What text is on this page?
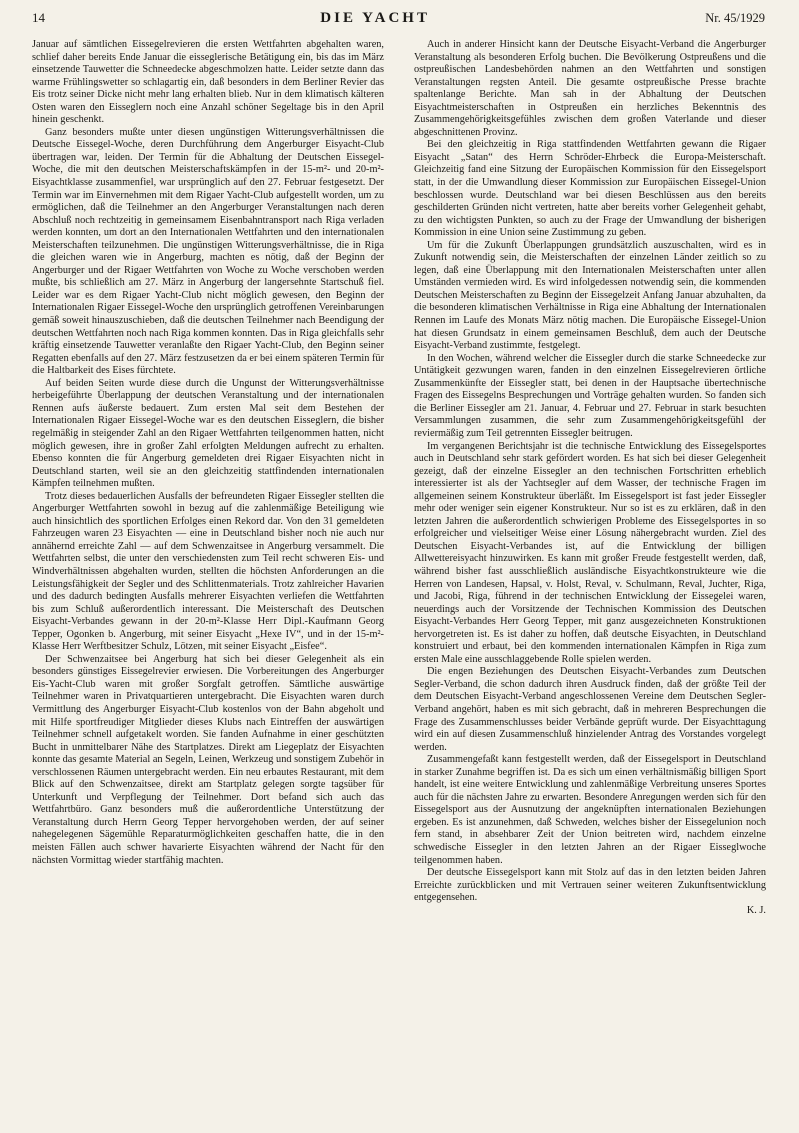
14	DIE YACHT	Nr. 45/1929

Januar auf sämtlichen Eissegelrevieren die ersten Wettfahrten abgehalten waren, schlief daher bereits Ende Januar die eisseglerische Betätigung ein, bis das im März einsetzende Tauwetter die Schneedecke abgeschmolzen hatte. Leider setzte dann das warme Frühlingswetter so schlagartig ein, daß besonders in dem Berliner Revier das Eis trotz seiner Dicke nicht mehr lang erhalten blieb. Nur in dem klimatisch kälteren Osten waren den Eisseglern noch eine Anzahl schöner Segeltage bis in den April hinein geschenkt.

Ganz besonders mußte unter diesen ungünstigen Witterungsverhältnissen die Deutsche Eissegel-Woche, deren Durchführung dem Angerburger Eisyacht-Club übertragen war, leiden. Der Termin für die Abhaltung der Deutschen Eissegel-Woche, die mit den deutschen Meisterschaftskämpfen in der 15-m²- und 20-m²-Eisyachtklasse zusammenfiel, war ursprünglich auf den 27. Februar festgesetzt. Der Termin war im Einvernehmen mit dem Rigaer Yacht-Club aufgestellt worden, um zu ermöglichen, daß die Teilnehmer an den Angerburger Veranstaltungen nach deren Abschluß noch rechtzeitig in gemeinsamem Eisenbahntransport nach Riga verladen werden konnten, um dort an den Internationalen Wettfahrten und den internationalen Meisterschaften teilzunehmen. Die ungünstigen Witterungsverhältnisse, die in Riga die gleichen waren wie in Angerburg, machten es nötig, daß der Beginn der Angerburger und der Rigaer Wettfahrten von Woche zu Woche verschoben werden mußte, bis schließlich am 27. März in Angerburg der langersehnte Startschuß fiel. Leider war es dem Rigaer Yacht-Club nicht möglich gewesen, den Beginn der Internationalen Rigaer Eissegel-Woche den ursprünglich getroffenen Vereinbarungen gemäß soweit hinauszuschieben, daß die deutschen Teilnehmer nach Beendigung der deutschen Wettfahrten noch nach Riga kommen konnten. Das in Riga gleichfalls sehr kräftig einsetzende Tauwetter veranlaßte den Rigaer Yacht-Club, den Beginn seiner Regatten ebenfalls auf den 27. März festzusetzen da er bei einem späteren Termin für die Haltbarkeit des Eises fürchtete.

Auf beiden Seiten wurde diese durch die Ungunst der Witterungsverhältnisse herbeigeführte Überlappung der deutschen Veranstaltung und der internationalen Rennen aufs äußerste bedauert. Zum ersten Mal seit dem Bestehen der Internationalen Rigaer Eissegel-Woche war es den deutschen Eisseglern, die bisher regelmäßig in steigender Zahl an den Rigaer Wettfahrten teilgenommen hatten, nicht möglich gewesen, ihre in großer Zahl erfolgten Meldungen aufrecht zu erhalten. Ebenso konnten die für Angerburg gemeldeten drei Rigaer Eisyachten nicht in Deutschland starten, weil sie an den gleichzeitig stattfindenden internationalen Kämpfen teilnehmen mußten.

Trotz dieses bedauerlichen Ausfalls der befreundeten Rigaer Eissegler stellten die Angerburger Wettfahrten sowohl in bezug auf die zahlenmäßige Beteiligung wie auch hinsichtlich des sportlichen Erfolges einen Rekord dar. Von den 31 gemeldeten Fahrzeugen waren 23 Eisyachten — eine in Deutschland bisher noch nie auch nur annähernd erreichte Zahl — auf dem Schwenzaitsee in Angerburg versammelt. Die Wettfahrten selbst, die unter den verschiedensten zum Teil recht schweren Eis- und Windverhältnissen abgehalten wurden, stellten die höchsten Anforderungen an die Leistungsfähigkeit der Segler und des Schlittenmaterials. Trotz zahlreicher Havarien und des dadurch bedingten Ausfalls mehrerer Eisyachten verliefen die Wettfahrten bis zum Schluß außerordentlich interessant. Die Meisterschaft des Deutschen Eisyacht-Verbandes gewann in der 20-m²-Klasse Herr Dipl.-Kaufmann Georg Tepper, Ogonken b. Angerburg, mit seiner Eisyacht „Hexe IV“, und in der 15-m²-Klasse Herr Werftbesitzer Schulz, Lötzen, mit seiner Eisyacht „Eisfee“.

Der Schwenzaitsee bei Angerburg hat sich bei dieser Gelegenheit als ein besonders günstiges Eissegelrevier erwiesen. Die Vorbereitungen des Angerburger Eis-Yacht-Club waren mit großer Sorgfalt getroffen. Sämtliche auswärtige Teilnehmer waren in Privatquartieren untergebracht. Die Eisyachten waren durch Vermittlung des Angerburger Eisyacht-Club kostenlos von der Bahn abgeholt und mit Hilfe sportfreudiger Mitglieder dieses Klubs nach Eintreffen der auswärtigen Teilnehmer schnell aufgetakelt worden. Sie fanden Aufnahme in einer geschützten Bucht in unmittelbarer Nähe des Startplatzes. Direkt am Liegeplatz der Eisyachten konnte das gesamte Material an Segeln, Leinen, Werkzeug und sonstigem Zubehör in verschlossenen Räumen untergebracht werden. Ein neu erbautes Restaurant, mit dem Blick auf den Schwenzaitsee, direkt am Startplatz gelegen sorgte tagsüber für Unterkunft und Verpflegung der Teilnehmer. Dort befand sich auch das Wettfahrtbüro. Ganz besonders muß die außerordentliche Unterstützung der Veranstaltung durch Herrn Georg Tepper hervorgehoben werden, der auf seiner nahegelegenen Sägemühle Reparaturmöglichkeiten geschaffen hatte, die in den meisten Fällen auch schwer havarierte Eisyachten während der Nacht für den nächsten Vormittag wieder startfähig machten.

Auch in anderer Hinsicht kann der Deutsche Eisyacht-Verband die Angerburger Veranstaltung als besonderen Erfolg buchen. Die Bevölkerung Ostpreußens und die ostpreußischen Landesbehörden nahmen an den Wettfahrten und sonstigen Veranstaltungen regsten Anteil. Die gesamte ostpreußische Presse brachte spaltenlange Berichte. Man sah in der Abhaltung der Deutschen Eisyachtmeisterschaften in Ostpreußen ein herzliches Bekenntnis des Zusammengehörigkeitsgefühles zwischen dem großen Vaterlande und dieser abgeschnittenen Provinz.

Bei den gleichzeitig in Riga stattfindenden Wettfahrten gewann die Rigaer Eisyacht „Satan“ des Herrn Schröder-Ehrbeck die Europa-Meisterschaft. Gleichzeitig fand eine Sitzung der Europäischen Kommission für den Eissegelsport statt, in der die Umwandlung dieser Kommission zur Europäischen Eissegel-Union beschlossen wurde. Deutschland war bei diesen Beschlüssen aus den bereits geschilderten Gründen nicht vertreten, hatte aber bereits vorher Gelegenheit gehabt, zu den wichtigsten Punkten, so auch zu der Frage der Umwandlung der bisherigen Kommission in eine Union seine Zustimmung zu geben.

Um für die Zukunft Überlappungen grundsätzlich auszuschalten, wird es in Zukunft notwendig sein, die Meisterschaften der einzelnen Länder zeitlich so zu legen, daß eine Überlappung mit den Internationalen Meisterschaften unter allen Umständen vermieden wird. Es wird infolgedessen notwendig sein, die kommenden Deutschen Meisterschaften zu Beginn der Eissegelzeit Anfang Januar abzuhalten, da die besonderen klimatischen Verhältnisse in Riga eine Abhaltung der Internationalen Rennen im Laufe des Monats März nötig machen. Die Europäische Eissegel-Union hat diesen Grundsatz in einem gemeinsamen Beschluß, dem auch der Deutsche Eisyacht-Verband zustimmte, festgelegt.

In den Wochen, während welcher die Eissegler durch die starke Schneedecke zur Untätigkeit gezwungen waren, fanden in den einzelnen Eissegelrevieren örtliche Zusammenkünfte der Eissegler statt, bei denen in der Hauptsache übertechnische Fragen des Eissegelns Besprechungen und Vorträge gehalten wurden. So fanden sich die Berliner Eissegler am 21. Januar, 4. Februar und 27. Februar in stark besuchten Versammlungen zusammen, die sehr zum Zusammengehörigkeitsgefühl der reviermäßig zum Teil getrennten Eissegler beitrugen.

Im vergangenen Berichtsjahr ist die technische Entwicklung des Eissegelsportes auch in Deutschland sehr stark gefördert worden. Es hat sich bei dieser Gelegenheit gezeigt, daß der einzelne Eissegler an den technischen Fortschritten erheblich interessierter ist als der Yachtsegler auf dem Wasser, der technische Fragen im allgemeinen seinem Konstrukteur überläßt. Im Eissegelsport ist fast jeder Eissegler mehr oder weniger sein eigener Konstrukteur. Nur so ist es zu erklären, daß in den letzten Jahren die außerordentlich schwierigen Probleme des Eissegelsportes in so erfolgreicher und vielseitiger Weise einer Lösung nähergebracht wurden. Ziel des Deutschen Eisyacht-Verbandes ist, auf die Entwicklung der billigen Allwettereisyacht hinzuwirken. Es kann mit großer Freude festgestellt werden, daß, während bisher fast ausschließlich ausländische Eisyachtkonstrukteure wie die Herren von Landesen, Hapsal, v. Holst, Reval, v. Schulmann, Reval, Juchter, Riga, und Jacobi, Riga, führend in der technischen Entwicklung der Eissegelei waren, neuerdings auch der Vorsitzende der Technischen Kommission des Deutschen Eisyacht-Verbandes Herr Georg Tepper, mit ganz ausgezeichneten Konstruktionen hervorgetreten ist. Es ist daher zu hoffen, daß deutsche Eisyachten, in Deutschland konstruiert und erbaut, bei den kommenden internationalen Kämpfen in Riga zum ersten Male eine ausschlaggebende Rolle spielen werden.

Die engen Beziehungen des Deutschen Eisyacht-Verbandes zum Deutschen Segler-Verband, die schon dadurch ihren Ausdruck finden, daß der größte Teil der dem Deutschen Eisyacht-Verband angeschlossenen Vereine dem Deutschen Segler-Verband angehört, haben es mit sich gebracht, daß in mehreren Besprechungen die Frage des Zusammenschlusses beider Verbände geprüft wurde. Der Eisyachttagung wird ein auf diesen Zusammenschluß hinzielender Antrag des Vorstandes vorgelegt werden.

Zusammengefaßt kann festgestellt werden, daß der Eissegelsport in Deutschland in starker Zunahme begriffen ist. Da es sich um einen verhältnismäßig billigen Sport handelt, ist eine weitere Entwicklung und zahlenmäßige Verbreitung unseres Sportes auch für die nächsten Jahre zu erwarten. Besondere Anregungen werden sich für den Eissegelsport aus der Ausnutzung der angeknüpften internationalen Beziehungen ergeben. Es ist anzunehmen, daß Schweden, welches bisher der Eissegelunion noch fern stand, in absehbarer Zeit der Union beitreten wird, nachdem einzelne schwedische Eissegler in den letzten Jahren an der Rigaer Eisseglwoche teilgenommen haben.

Der deutsche Eissegelsport kann mit Stolz auf das in den letzten beiden Jahren Erreichte zurückblicken und mit Vertrauen seiner weiteren Zukunftsentwicklung entgegensehen.

K. J.
